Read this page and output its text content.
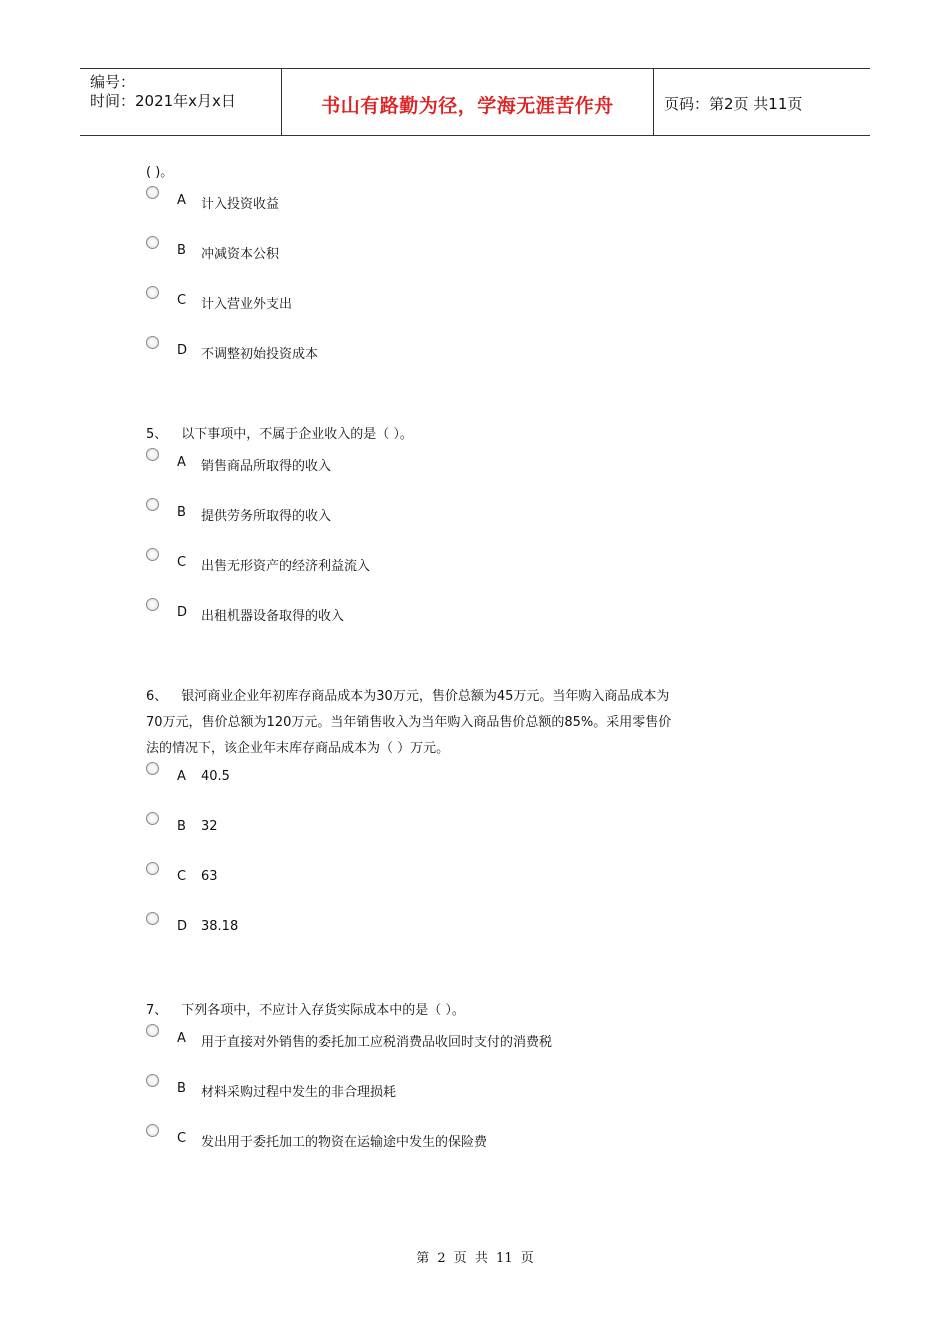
编号：
时间：2021年x月x日	书山有路勤为径，学海无涯苦作舟	页码：第2页 共11页
( )。
A	计入投资收益
B	冲减资本公积
C	计入营业外支出
D	不调整初始投资成本
5、 以下事项中，不属于企业收入的是（ ）。
A	销售商品所取得的收入
B	提供劳务所取得的收入
C	出售无形资产的经济利益流入
D	出租机器设备取得的收入
6、 银河商业企业年初库存商品成本为30万元，售价总额为45万元。当年购入商品成本为
70万元，售价总额为120万元。当年销售收入为当年购入商品售价总额的85%。采用零售价
法的情况下，该企业年末库存商品成本为（ ）万元。
A	40.5
B	32
C	63
D	38.18
7、 下列各项中，不应计入存货实际成本中的是（ ）。
A	用于直接对外销售的委托加工应税消费品收回时支付的消费税
B	材料采购过程中发生的非合理损耗
C	发出用于委托加工的物资在运输途中发生的保险费
第 2 页 共 11 页
